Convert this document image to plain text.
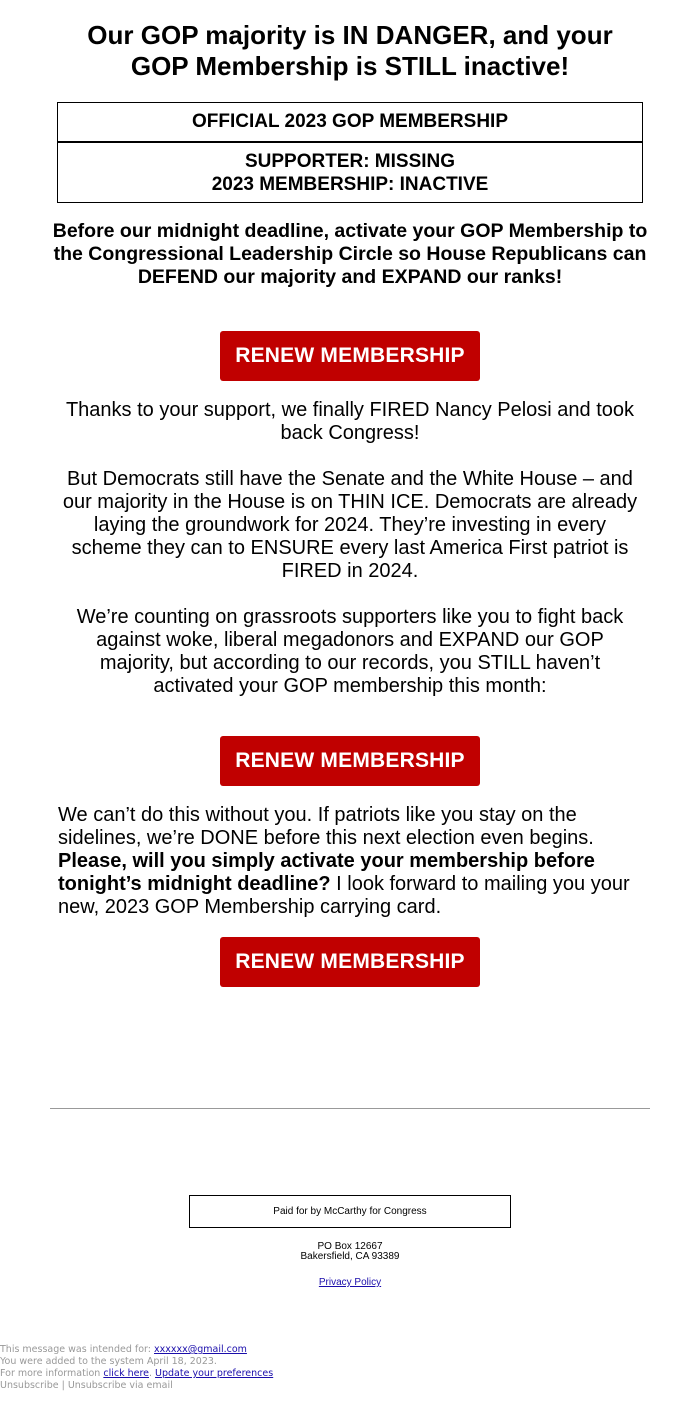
Our GOP majority is IN DANGER, and your
GOP Membership is STILL inactive!
OFFICIAL 2023 GOP MEMBERSHIP
SUPPORTER: MISSING
2023 MEMBERSHIP: INACTIVE

Before our midnight deadline, activate your GOP Membership to the Congressional Leadership Circle so House Republicans can DEFEND our majority and EXPAND our ranks!

RENEW MEMBERSHIP

Thanks to your support, we finally FIRED Nancy Pelosi and took back Congress!

But Democrats still have the Senate and the White House – and our majority in the House is on THIN ICE. Democrats are already laying the groundwork for 2024. They’re investing in every scheme they can to ENSURE every last America First patriot is FIRED in 2024.

We’re counting on grassroots supporters like you to fight back against woke, liberal megadonors and EXPAND our GOP majority, but according to our records, you STILL haven’t activated your GOP membership this month:

RENEW MEMBERSHIP

We can’t do this without you. If patriots like you stay on the sidelines, we’re DONE before this next election even begins. Please, will you simply activate your membership before tonight’s midnight deadline? I look forward to mailing you your new, 2023 GOP Membership carrying card.

RENEW MEMBERSHIP
Paid for by McCarthy for Congress
PO Box 12667
Bakersfield, CA 93389
Privacy Policy
This message was intended for: xxxxxx@gmail.com
You were added to the system April 18, 2023.
For more information click here. Update your preferences
Unsubscribe | Unsubscribe via email
